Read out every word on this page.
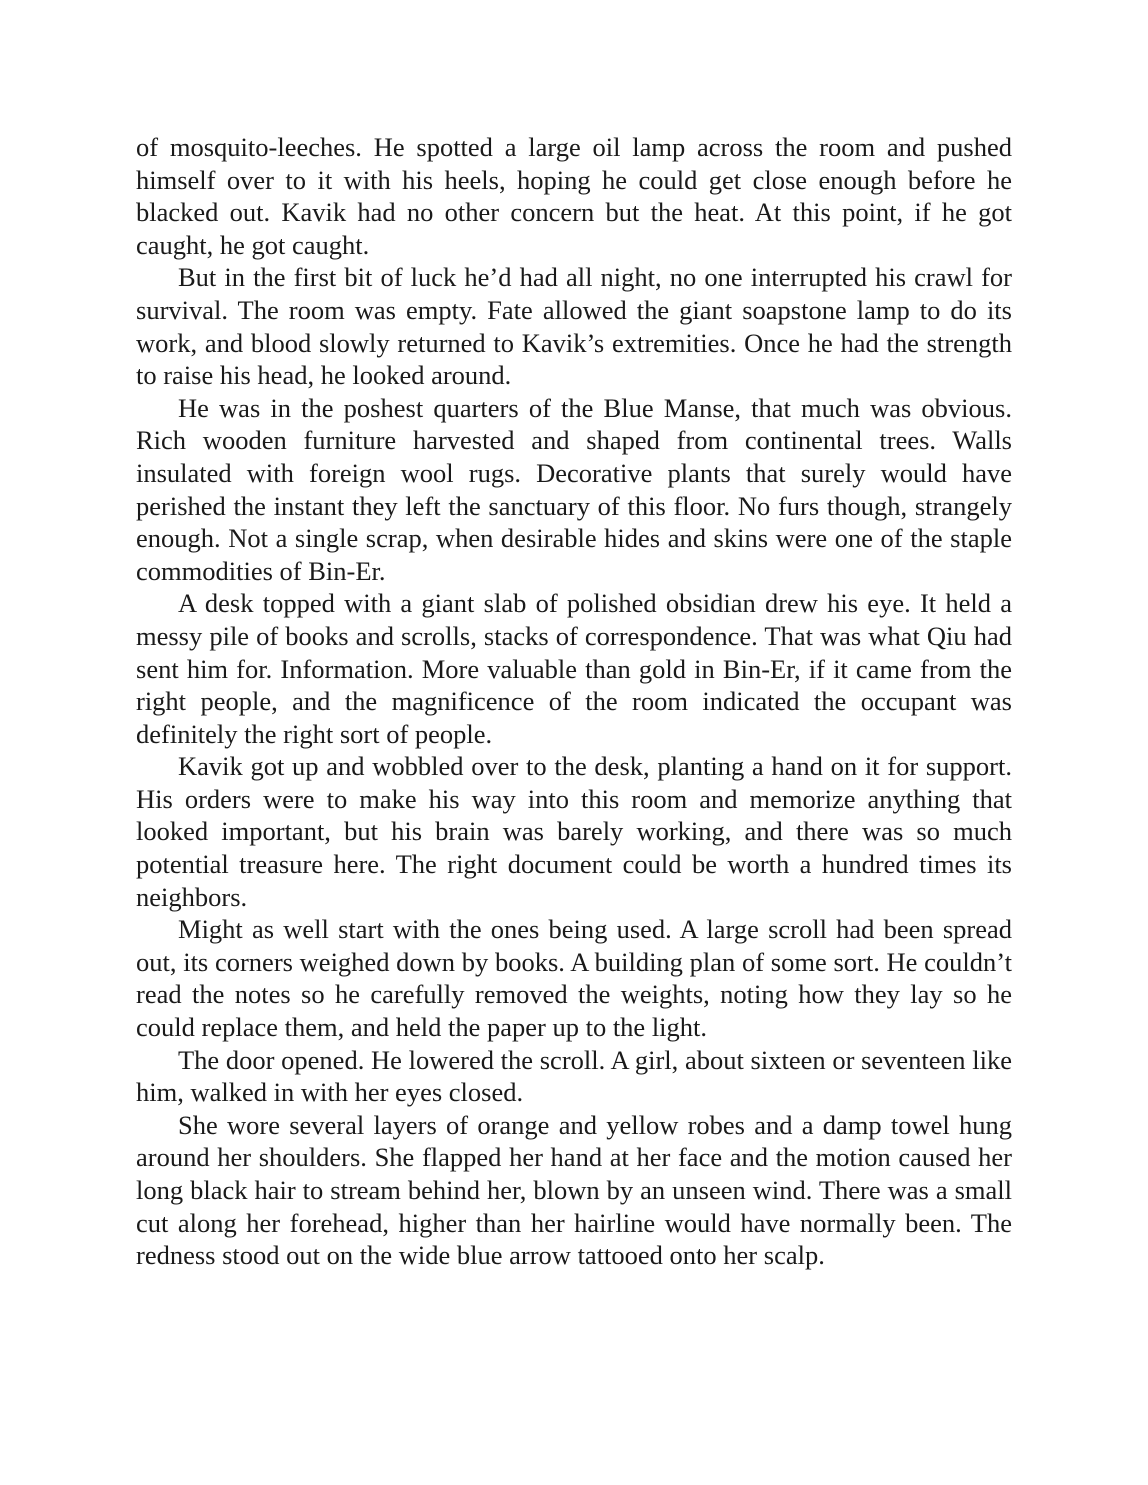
of mosquito-leeches. He spotted a large oil lamp across the room and pushed himself over to it with his heels, hoping he could get close enough before he blacked out. Kavik had no other concern but the heat. At this point, if he got caught, he got caught.

But in the first bit of luck he’d had all night, no one interrupted his crawl for survival. The room was empty. Fate allowed the giant soapstone lamp to do its work, and blood slowly returned to Kavik’s extremities. Once he had the strength to raise his head, he looked around.

He was in the poshest quarters of the Blue Manse, that much was obvious. Rich wooden furniture harvested and shaped from continental trees. Walls insulated with foreign wool rugs. Decorative plants that surely would have perished the instant they left the sanctuary of this floor. No furs though, strangely enough. Not a single scrap, when desirable hides and skins were one of the staple commodities of Bin-Er.

A desk topped with a giant slab of polished obsidian drew his eye. It held a messy pile of books and scrolls, stacks of correspondence. That was what Qiu had sent him for. Information. More valuable than gold in Bin-Er, if it came from the right people, and the magnificence of the room indicated the occupant was definitely the right sort of people.

Kavik got up and wobbled over to the desk, planting a hand on it for support. His orders were to make his way into this room and memorize anything that looked important, but his brain was barely working, and there was so much potential treasure here. The right document could be worth a hundred times its neighbors.

Might as well start with the ones being used. A large scroll had been spread out, its corners weighed down by books. A building plan of some sort. He couldn’t read the notes so he carefully removed the weights, noting how they lay so he could replace them, and held the paper up to the light.

The door opened. He lowered the scroll. A girl, about sixteen or seventeen like him, walked in with her eyes closed.

She wore several layers of orange and yellow robes and a damp towel hung around her shoulders. She flapped her hand at her face and the motion caused her long black hair to stream behind her, blown by an unseen wind. There was a small cut along her forehead, higher than her hairline would have normally been. The redness stood out on the wide blue arrow tattooed onto her scalp.
